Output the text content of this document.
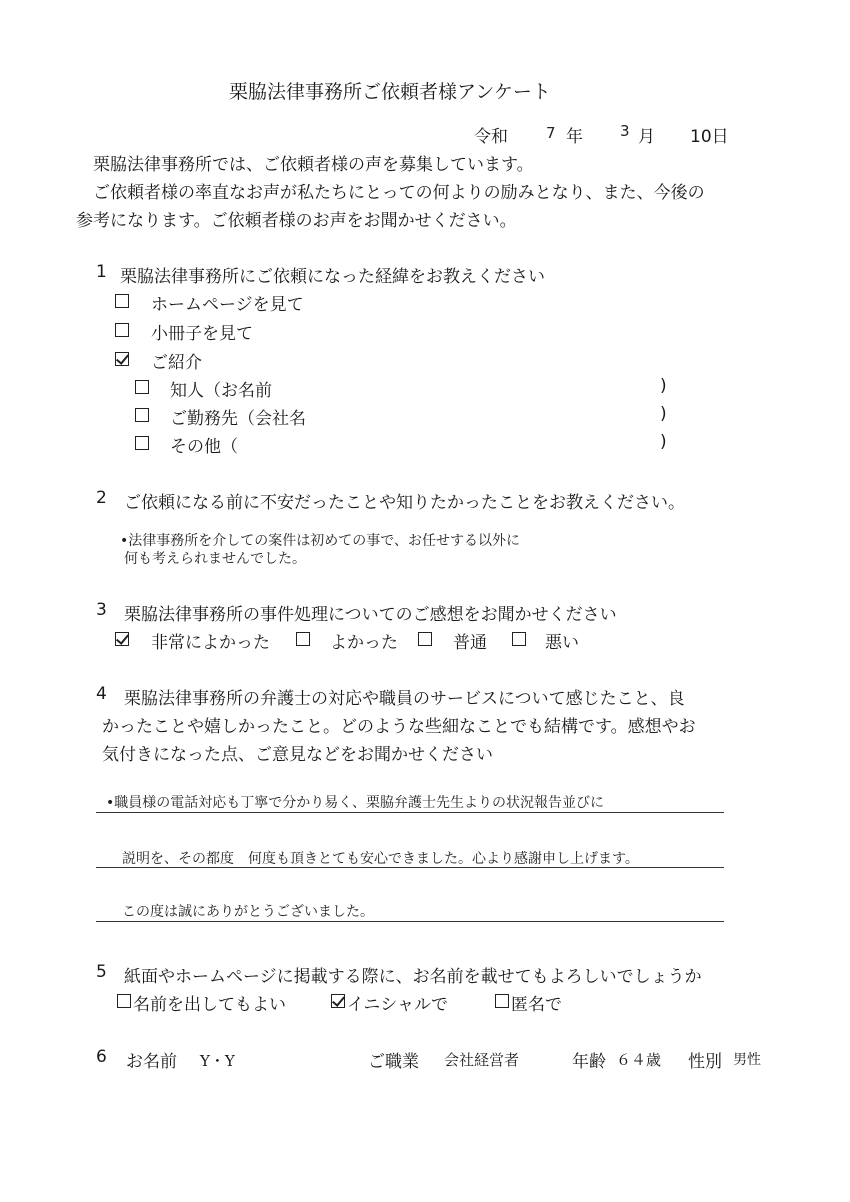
栗脇法律事務所ご依頼者様アンケート
令和	7 年 3 月 10日
栗脇法律事務所では、ご依頼者様の声を募集しています。
ご依頼者様の率直なお声が私たちにとっての何よりの励みとなり、また、今後の
参考になります。ご依頼者様のお声をお聞かせください。
1 栗脇法律事務所にご依頼になった経緯をお教えください
ホームページを見て
小冊子を見て
ご紹介
知人（お名前	)
ご勤務先（会社名	)
その他（	)
2 ご依頼になる前に不安だったことや知りたかったことをお教えください。
•法律事務所を介しての案件は初めての事で、お任せする以外に
何も考えられませんでした。
3 栗脇法律事務所の事件処理についてのご感想をお聞かせください
非常によかった	よかった	普通	悪い
4 栗脇法律事務所の弁護士の対応や職員のサービスについて感じたこと、良
かったことや嬉しかったこと。どのような些細なことでも結構です。感想やお
気付きになった点、ご意見などをお聞かせください
•職員様の電話対応も丁寧で分かり易く、栗脇弁護士先生よりの状況報告並びに
説明を、その都度　何度も頂きとても安心できました。心より感謝申し上げます。
この度は誠にありがとうございました。
5 紙面やホームページに掲載する際に、お名前を載せてもよろしいでしょうか
名前を出してもよい	イニシャルで	匿名で
6 お名前 Y・Y	ご職業 会社経営者	年齢 ６４歳 性別 男性
